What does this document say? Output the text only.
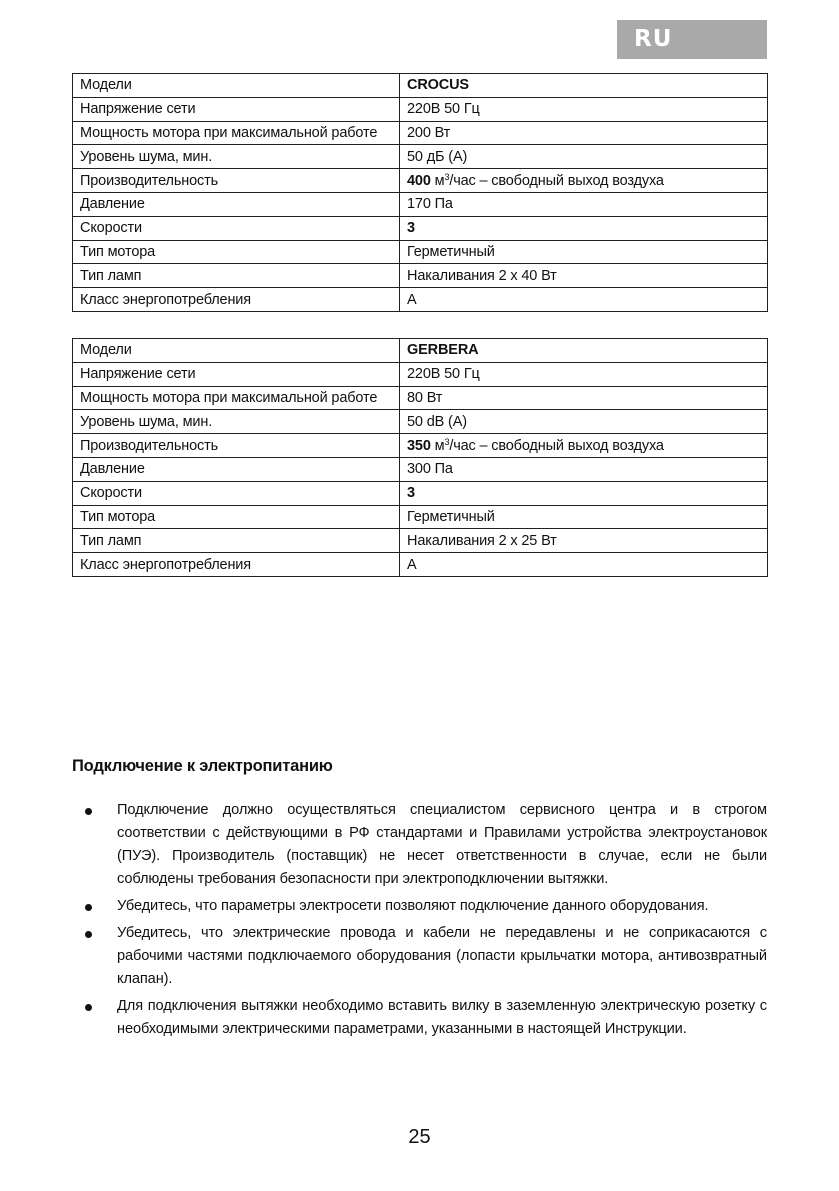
RU
Модели	CROCUS
Напряжение сети	220В 50 Гц
Мощность мотора при максимальной работе	200 Вт
Уровень шума, мин.	50 дБ (А)
Производительность	400 $м^3$/час – свободный выход воздуха
Давление	170 Па
Скорости	3
Тип мотора	Герметичный
Тип ламп	Накаливания 2 х 40 Вт
Класс энергопотребления	A
Модели	GERBERA
Напряжение сети	220В 50 Гц
Мощность мотора при максимальной работе	80 Вт
Уровень шума, мин.	50 dB (A)
Производительность	350 $м^3$/час – свободный выход воздуха
Давление	300 Па
Скорости	3
Тип мотора	Герметичный
Тип ламп	Накаливания 2 х 25 Вт
Класс энергопотребления	A
Подключение к электропитанию
Подключение должно осуществляться специалистом сервисного центра и в строгом соответствии с действующими в РФ стандартами и Правилами устройства электроустановок (ПУЭ). Производитель (поставщик) не несет ответственности в случае, если не были соблюдены требования безопасности при электроподключении вытяжки.
Убедитесь, что параметры электросети позволяют подключение данного оборудования.
Убедитесь, что электрические провода и кабели не передавлены и не соприкасаются с рабочими частями подключаемого оборудования (лопасти крыльчатки мотора, антивозвратный клапан).
Для подключения вытяжки необходимо вставить вилку в заземленную электрическую розетку с необходимыми электрическими параметрами, указанными в настоящей Инструкции.
25
